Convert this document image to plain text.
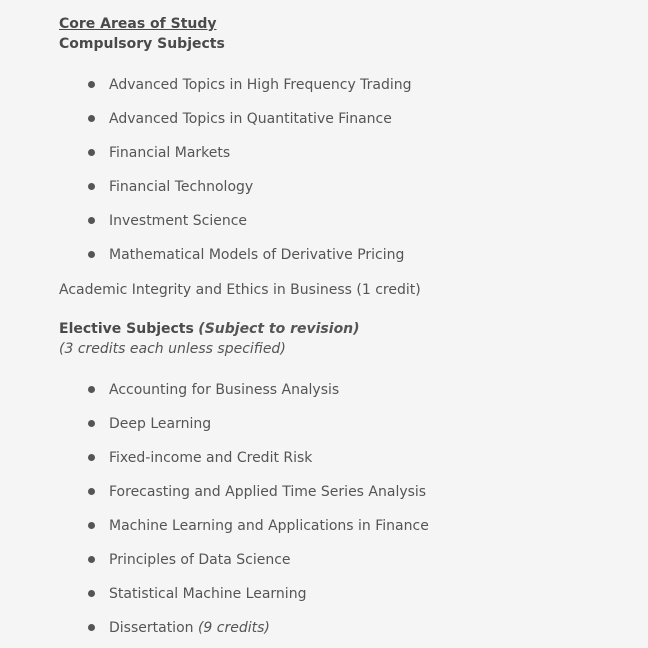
Core Areas of Study
Compulsory Subjects
Advanced Topics in High Frequency Trading
Advanced Topics in Quantitative Finance
Financial Markets
Financial Technology
Investment Science
Mathematical Models of Derivative Pricing
Academic Integrity and Ethics in Business (1 credit)
Elective Subjects (Subject to revision)
(3 credits each unless specified)
Accounting for Business Analysis
Deep Learning
Fixed-income and Credit Risk
Forecasting and Applied Time Series Analysis
Machine Learning and Applications in Finance
Principles of Data Science
Statistical Machine Learning
Dissertation (9 credits)
